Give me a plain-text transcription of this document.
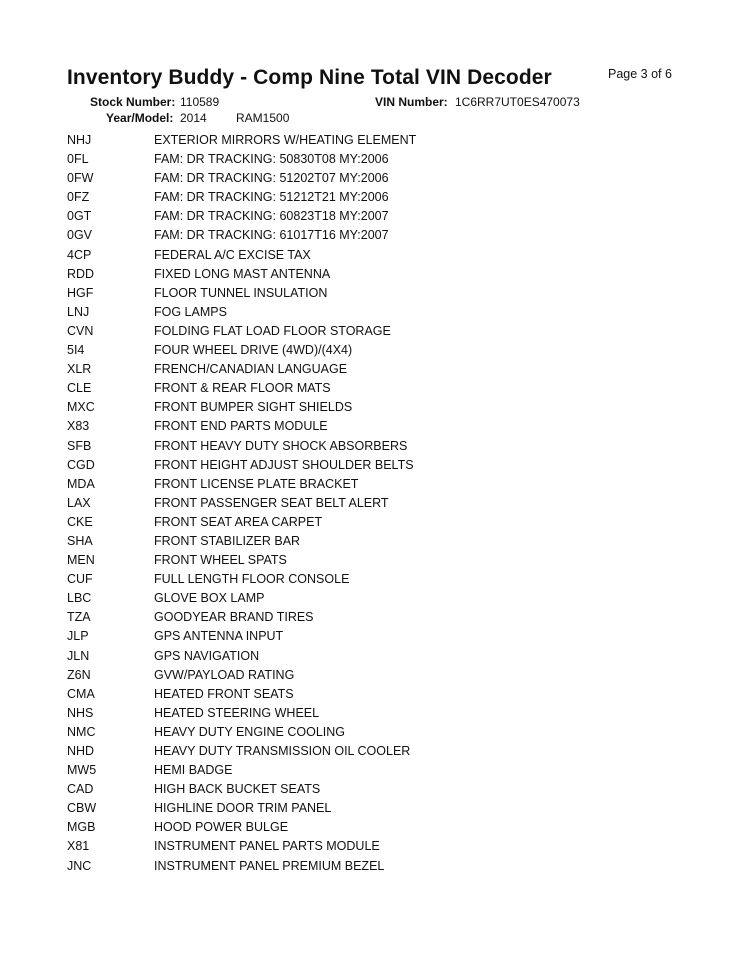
Inventory Buddy - Comp Nine Total VIN Decoder	Page 3 of 6
Stock Number: 110589	VIN Number: 1C6RR7UT0ES470073
Year/Model: 2014 RAM1500
NHJ	EXTERIOR MIRRORS W/HEATING ELEMENT
0FL	FAM: DR TRACKING: 50830T08 MY:2006
0FW	FAM: DR TRACKING: 51202T07 MY:2006
0FZ	FAM: DR TRACKING: 51212T21 MY:2006
0GT	FAM: DR TRACKING: 60823T18 MY:2007
0GV	FAM: DR TRACKING: 61017T16 MY:2007
4CP	FEDERAL A/C EXCISE TAX
RDD	FIXED LONG MAST ANTENNA
HGF	FLOOR TUNNEL INSULATION
LNJ	FOG LAMPS
CVN	FOLDING FLAT LOAD FLOOR STORAGE
5I4	FOUR WHEEL DRIVE (4WD)/(4X4)
XLR	FRENCH/CANADIAN LANGUAGE
CLE	FRONT & REAR FLOOR MATS
MXC	FRONT BUMPER SIGHT SHIELDS
X83	FRONT END PARTS MODULE
SFB	FRONT HEAVY DUTY SHOCK ABSORBERS
CGD	FRONT HEIGHT ADJUST SHOULDER BELTS
MDA	FRONT LICENSE PLATE BRACKET
LAX	FRONT PASSENGER SEAT BELT ALERT
CKE	FRONT SEAT AREA CARPET
SHA	FRONT STABILIZER BAR
MEN	FRONT WHEEL SPATS
CUF	FULL LENGTH FLOOR CONSOLE
LBC	GLOVE BOX LAMP
TZA	GOODYEAR BRAND TIRES
JLP	GPS ANTENNA INPUT
JLN	GPS NAVIGATION
Z6N	GVW/PAYLOAD RATING
CMA	HEATED FRONT SEATS
NHS	HEATED STEERING WHEEL
NMC	HEAVY DUTY ENGINE COOLING
NHD	HEAVY DUTY TRANSMISSION OIL COOLER
MW5	HEMI BADGE
CAD	HIGH BACK BUCKET SEATS
CBW	HIGHLINE DOOR TRIM PANEL
MGB	HOOD POWER BULGE
X81	INSTRUMENT PANEL PARTS MODULE
JNC	INSTRUMENT PANEL PREMIUM BEZEL
